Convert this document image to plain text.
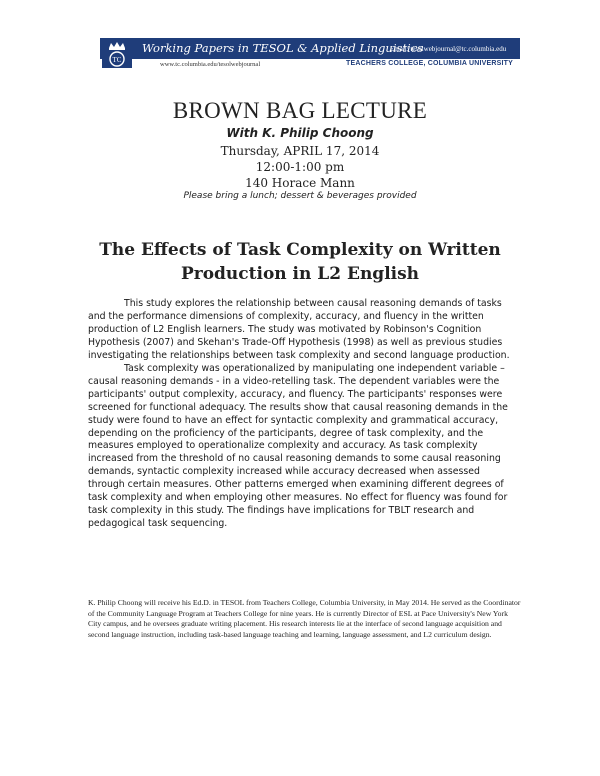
TC
Working Papers in TESOL & Applied Linguistics
Email: tesolwebjournal@tc.columbia.edu
www.tc.columbia.edu/tesolwebjournal	TEACHERS COLLEGE, COLUMBIA UNIVERSITY
BROWN BAG LECTURE
With K. Philip Choong
Thursday, APRIL 17, 2014
12:00-1:00 pm
140 Horace Mann
Please bring a lunch; dessert & beverages provided
The Effects of Task Complexity on Written Production in L2 English

This study explores the relationship between causal reasoning demands of tasks and the performance dimensions of complexity, accuracy, and fluency in the written production of L2 English learners. The study was motivated by Robinson's Cognition Hypothesis (2007) and Skehan's Trade-Off Hypothesis (1998) as well as previous studies investigating the relationships between task complexity and second language production.

Task complexity was operationalized by manipulating one independent variable – causal reasoning demands - in a video-retelling task. The dependent variables were the participants' output complexity, accuracy, and fluency. The participants' responses were screened for functional adequacy. The results show that causal reasoning demands in the study were found to have an effect for syntactic complexity and grammatical accuracy, depending on the proficiency of the participants, degree of task complexity, and the measures employed to operationalize complexity and accuracy. As task complexity increased from the threshold of no causal reasoning demands to some causal reasoning demands, syntactic complexity increased while accuracy decreased when assessed through certain measures. Other patterns emerged when examining different degrees of task complexity and when employing other measures. No effect for fluency was found for task complexity in this study. The findings have implications for TBLT research and pedagogical task sequencing.

K. Philip Choong will receive his Ed.D. in TESOL from Teachers College, Columbia University, in May 2014. He served as the Coordinator of the Community Language Program at Teachers College for nine years. He is currently Director of ESL at Pace University's New York City campus, and he oversees graduate writing placement. His research interests lie at the interface of second language acquisition and second language instruction, including task-based language teaching and learning, language assessment, and L2 curriculum design.
